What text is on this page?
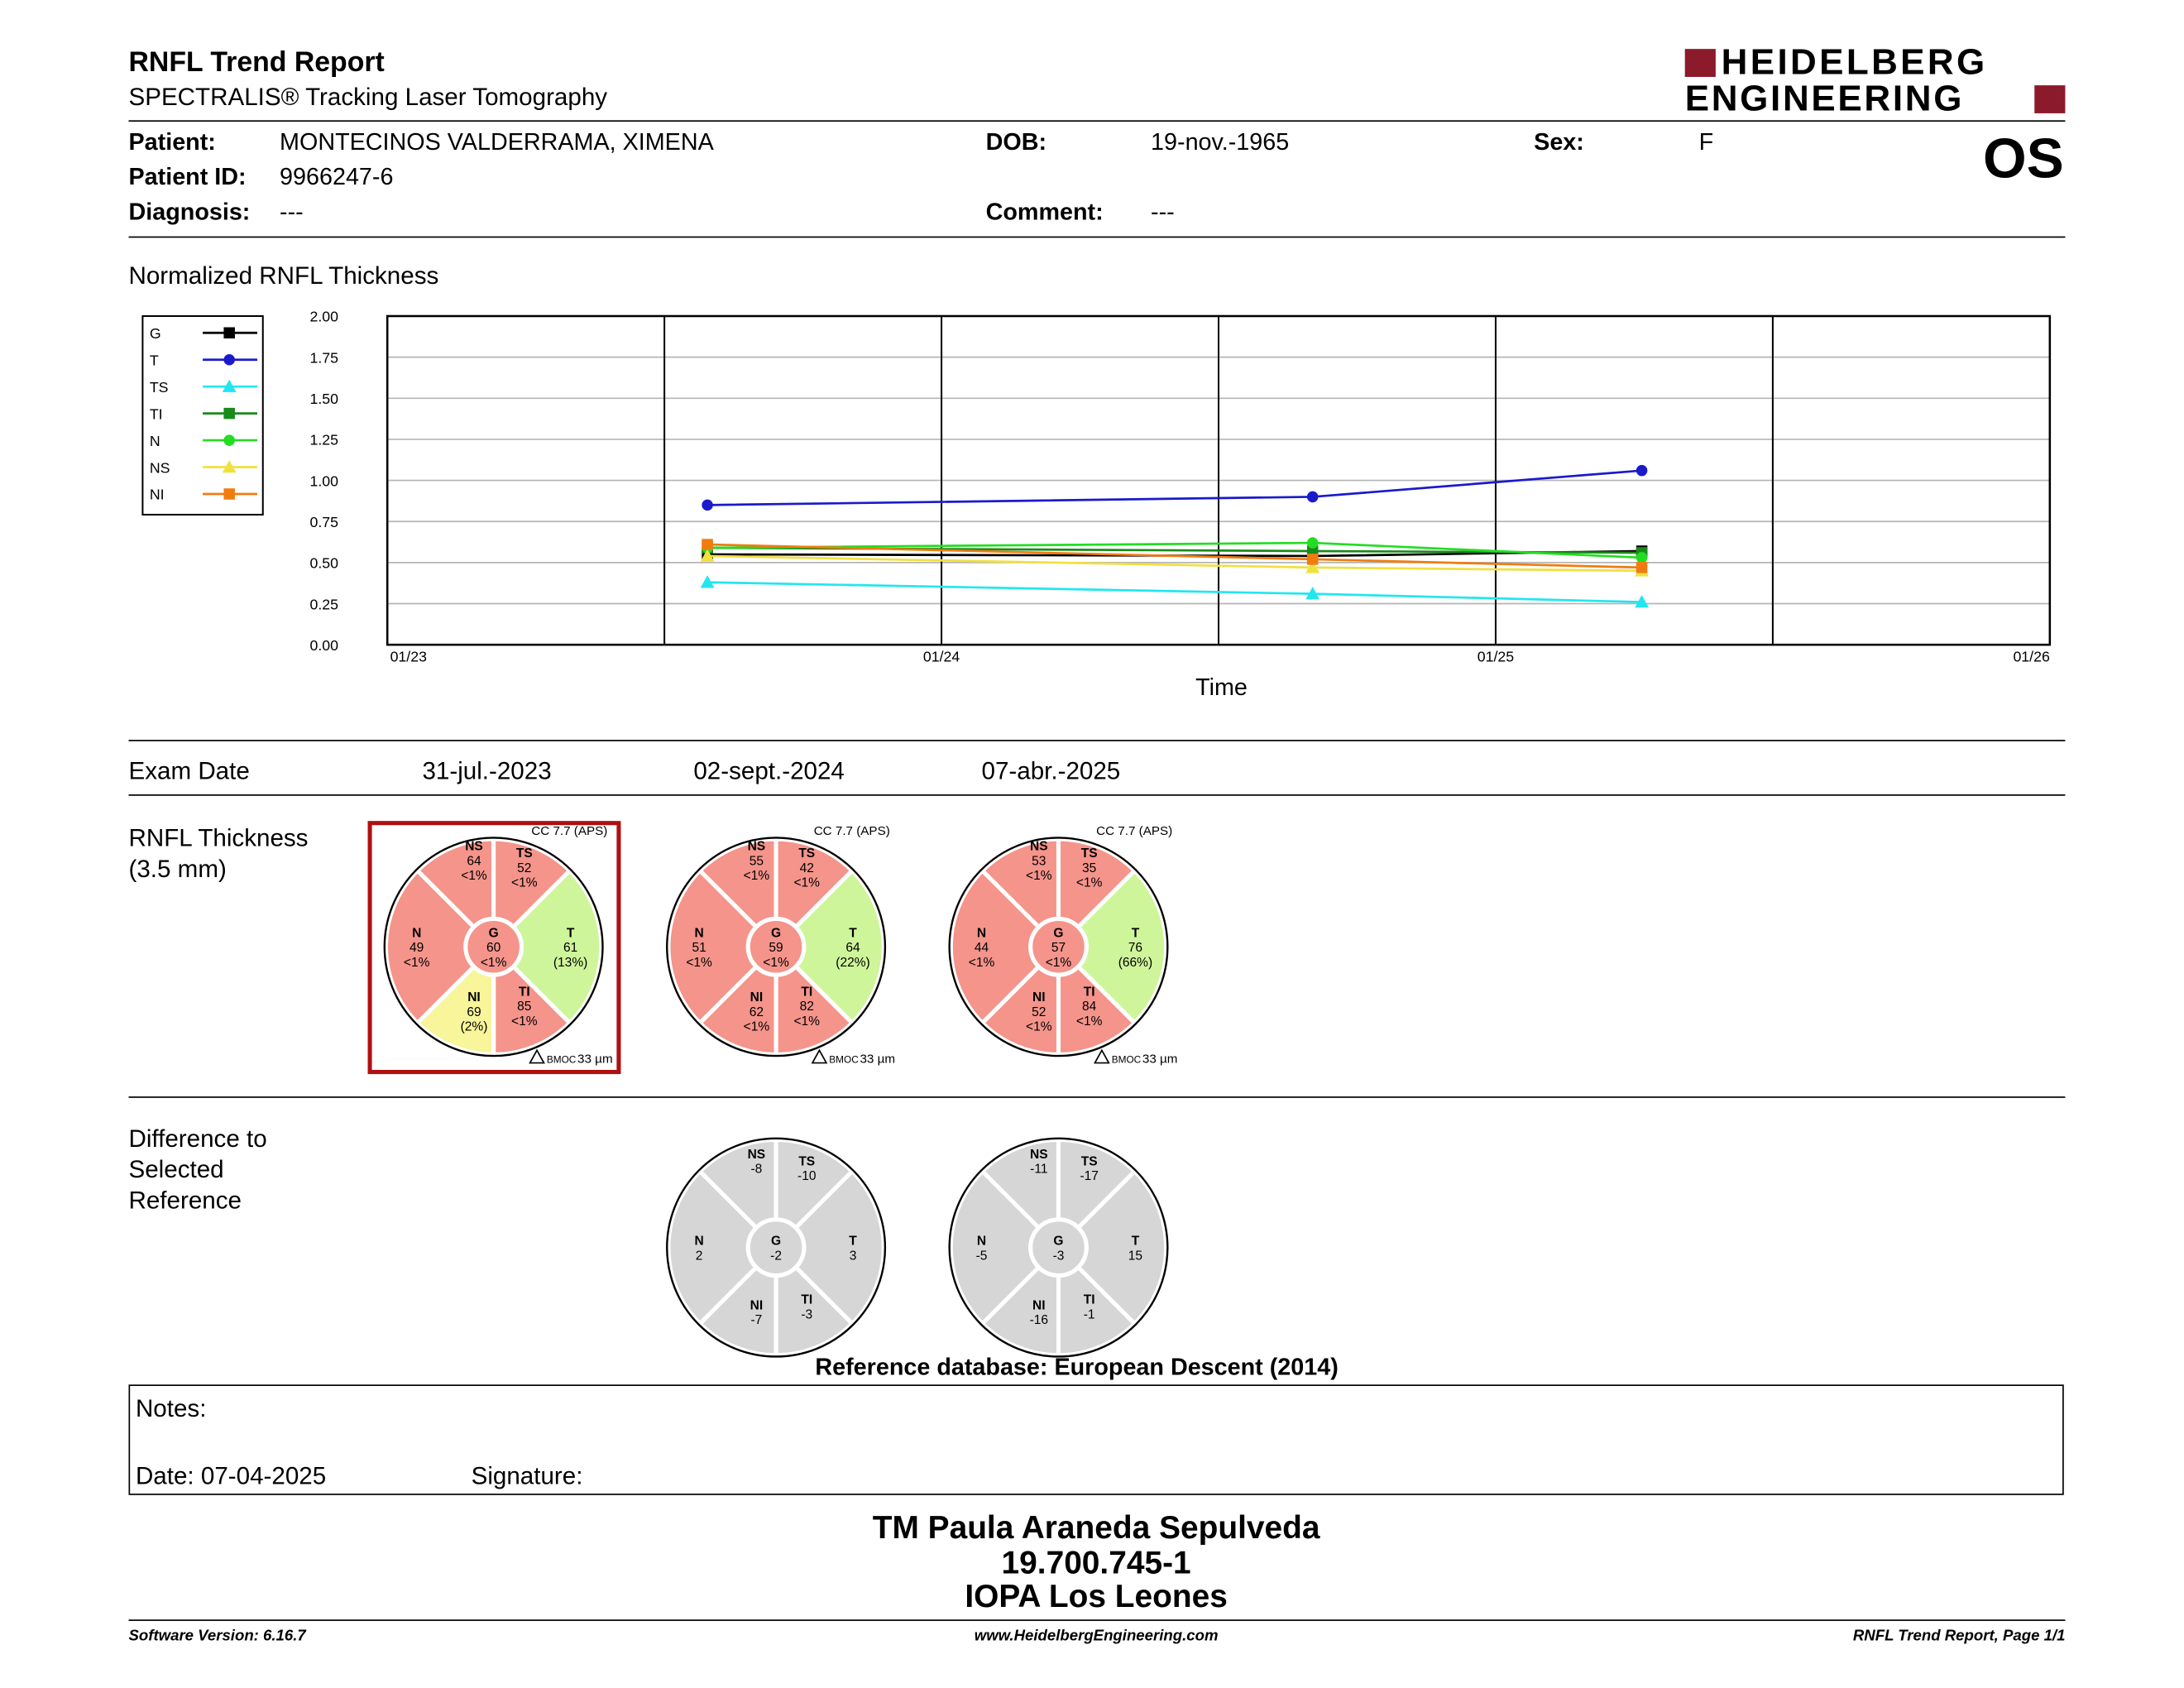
RNFL Trend Report
SPECTRALIS® Tracking Laser Tomography
HEIDELBERG
ENGINEERING
Patient:	MONTECINOS VALDERRAMA, XIMENA
Patient ID: 9966247-6
Diagnosis: ---
DOB:	19-nov.-1965
Comment:	---
Sex:	F	OS
Normalized RNFL Thickness
G
T
TS
TI
N
NS
NI
0.00
0.25
0.50
0.75
1.00
1.25
1.50
1.75
2.00
01/23	01/24	01/25	01/26
Time
Exam Date	31-jul.-2023	02-sept.-2024	07-abr.-2025
RNFL Thickness
(3.5 mm)
NS
64
<1%
TS
52
<1%
T
61
(13%)
TI
85
<1%
NI
69
(2%)
N
49
<1%
G
60
<1%
CC 7.7 (APS)
BMOC 33 µm
NS
55
<1%
TS
42
<1%
T
64
(22%)
TI
82
<1%
NI
62
<1%
N
51
<1%
G
59
<1%
CC 7.7 (APS)
BMOC 33 µm
NS
53
<1%
TS
35
<1%
T
76
(66%)
TI
84
<1%
NI
52
<1%
N
44
<1%
G
57
<1%
CC 7.7 (APS)
BMOC 33 µm
NS
-8
TS
-10
T
3
TI
-3
NI
-7
N
2
G
-2
NS
-11
TS
-17
T
15
TI
-1
NI
-16
N
-5
G
-3
Difference to
Selected
Reference
Reference database: European Descent (2014)
Notes:
Date: 07-04-2025	Signature:
TM Paula Araneda Sepulveda
19.700.745-1
IOPA Los Leones
Software Version: 6.16.7	www.HeidelbergEngineering.com	RNFL Trend Report, Page 1/1
